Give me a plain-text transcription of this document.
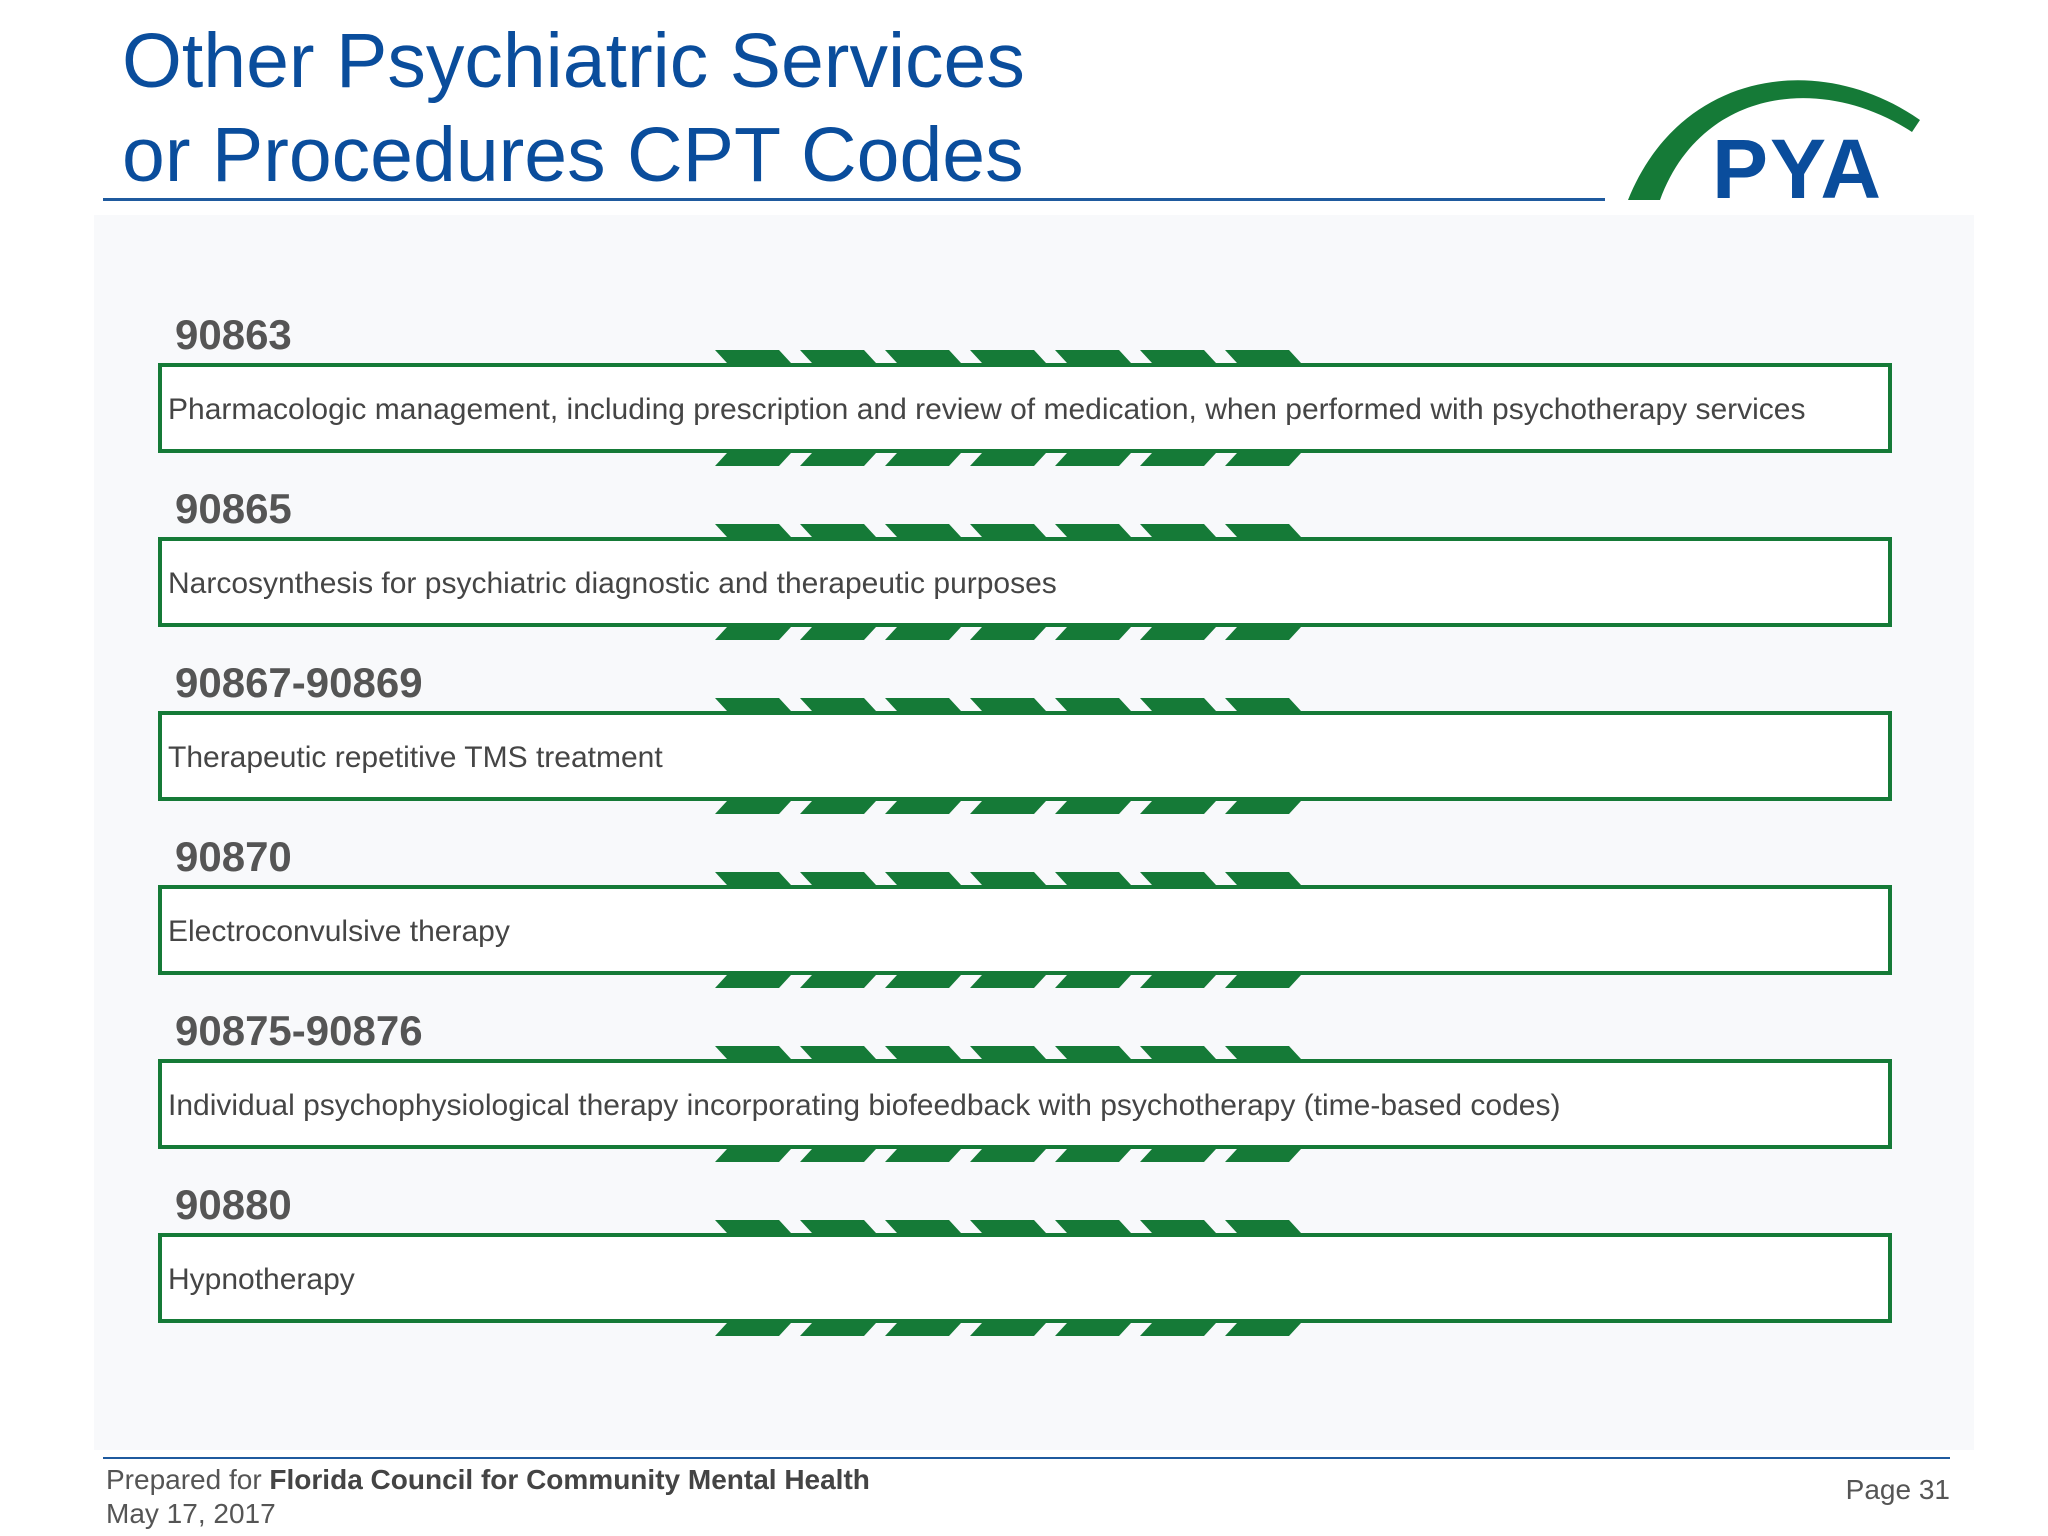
Other Psychiatric Services
or Procedures CPT Codes	PYA
90863
Pharmacologic management, including prescription and review of medication, when performed with psychotherapy services
90865
Narcosynthesis for psychiatric diagnostic and therapeutic purposes
90867-90869
Therapeutic repetitive TMS treatment
90870
Electroconvulsive therapy
90875-90876
Individual psychophysiological therapy incorporating biofeedback with psychotherapy (time-based codes)
90880
Hypnotherapy
Prepared for Florida Council for Community Mental Health
May 17, 2017
Page 31
